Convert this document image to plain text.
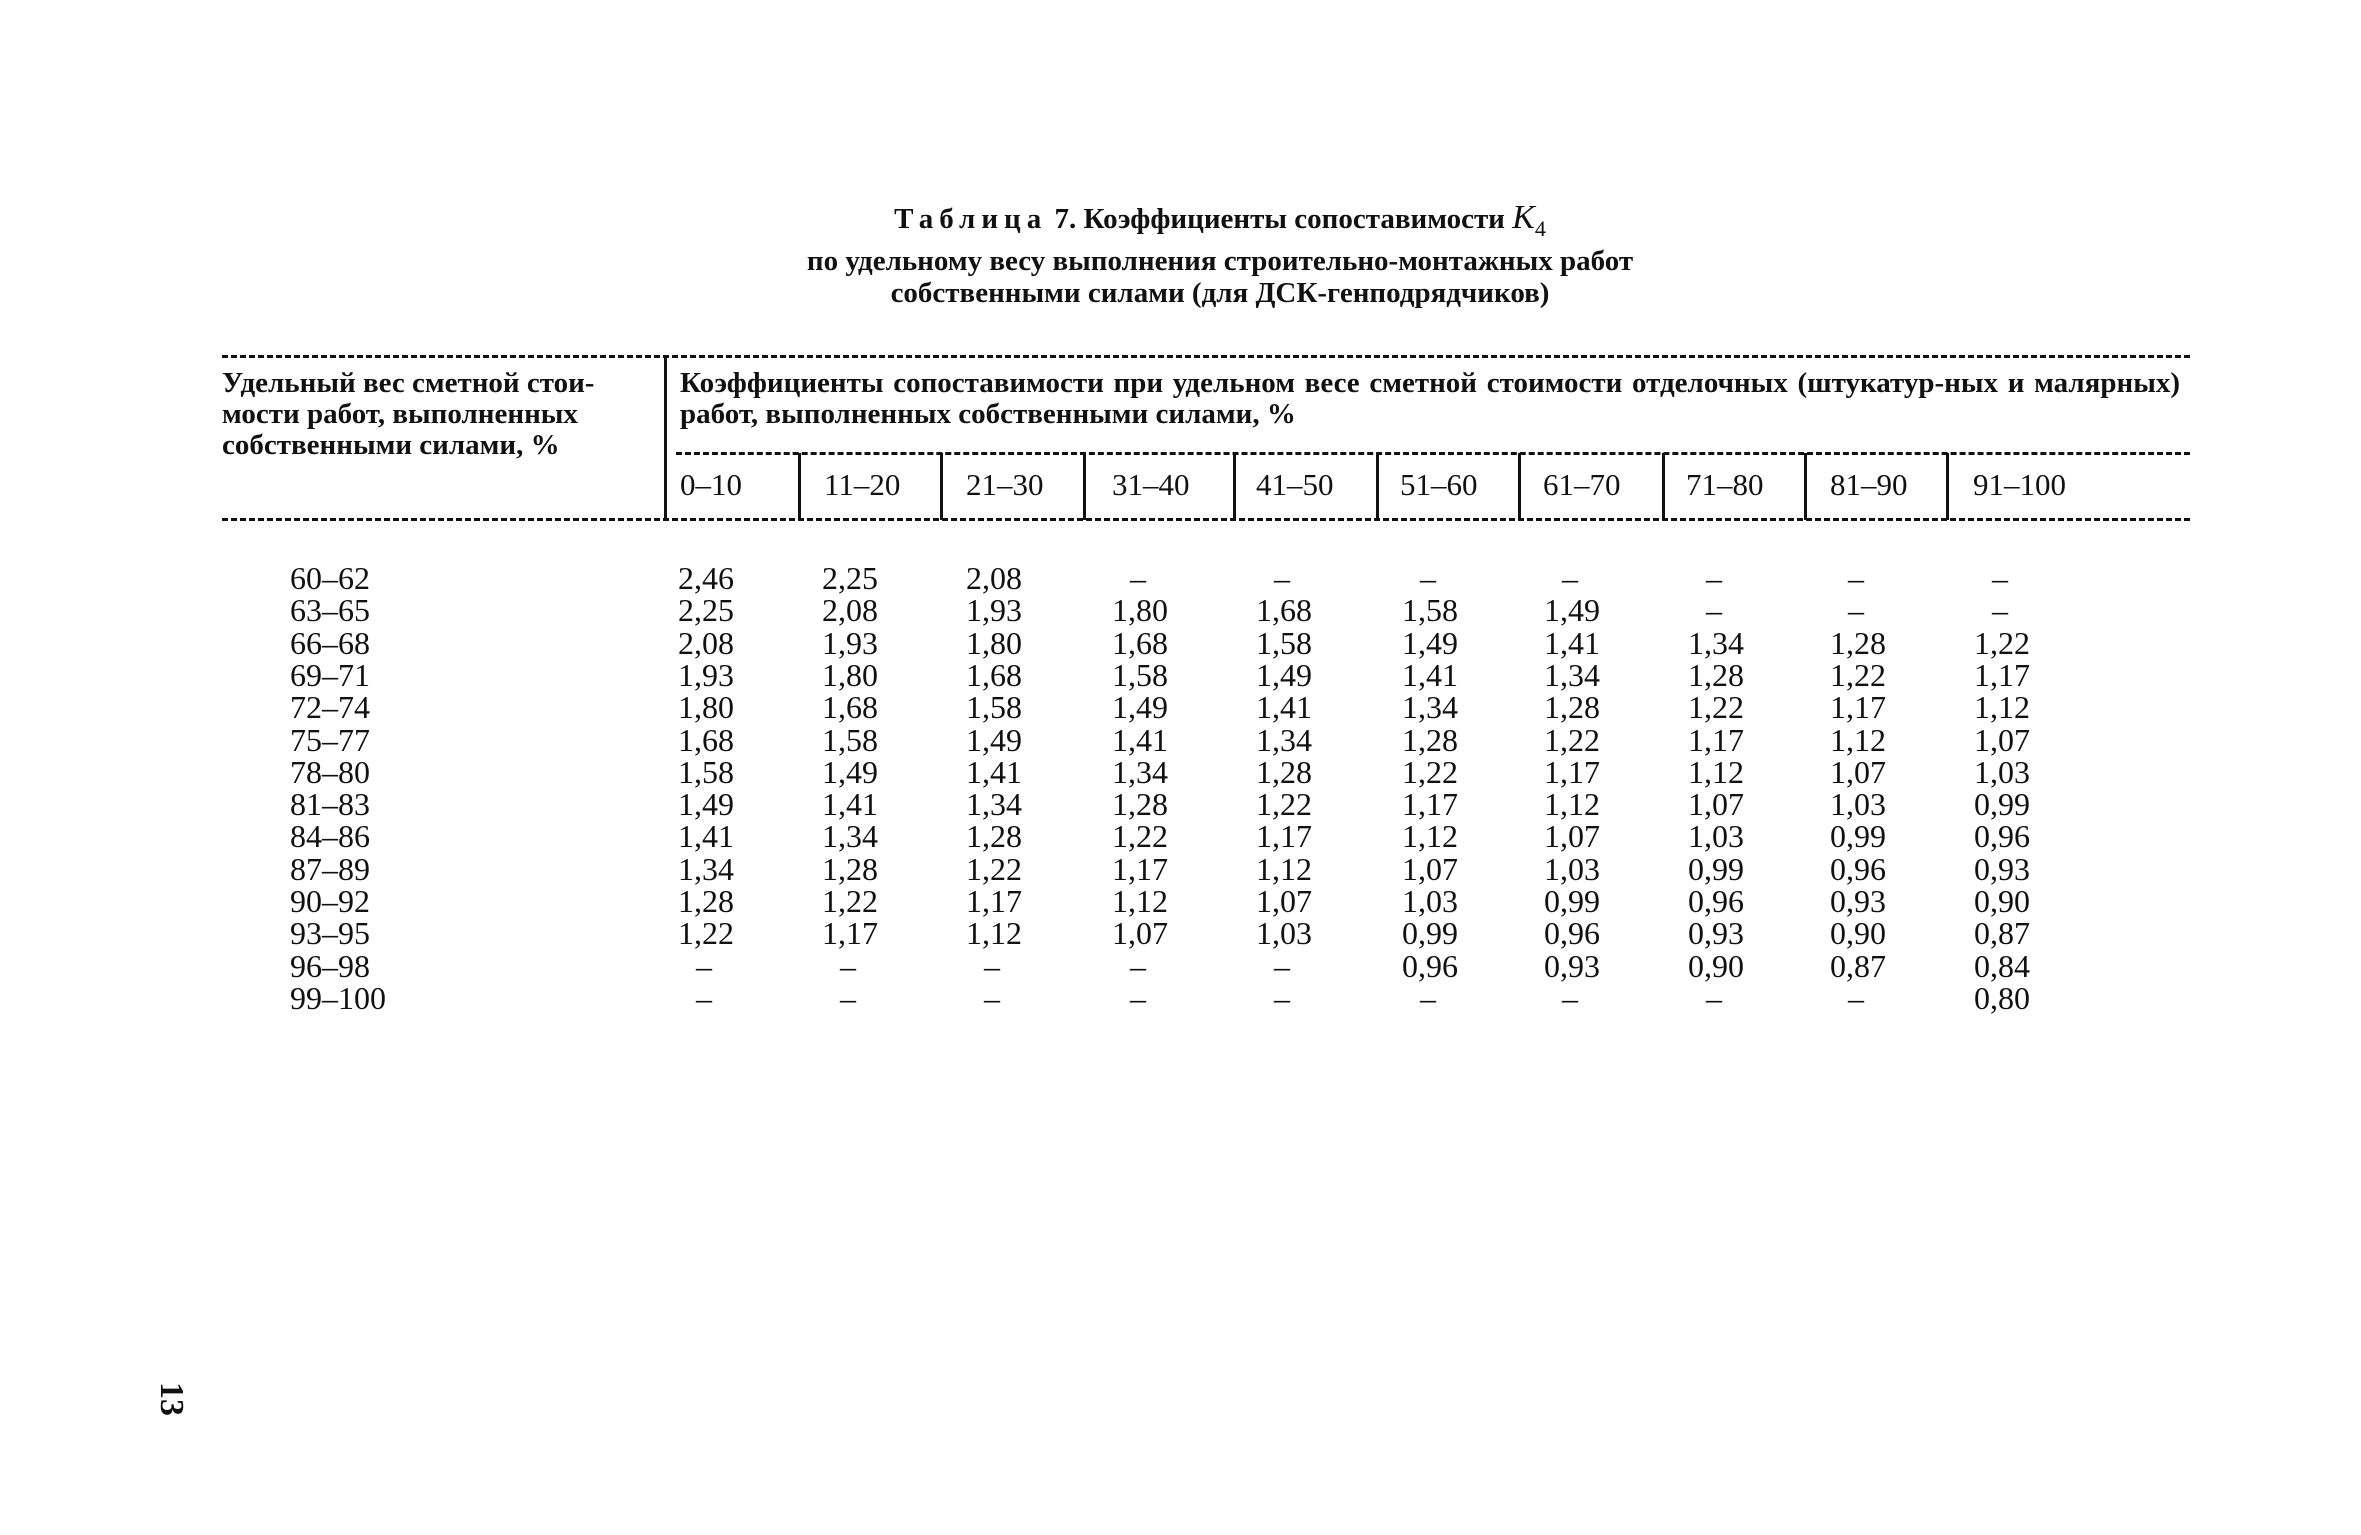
Таблица 7. Коэффициенты сопоставимости $K_4$
по удельному весу выполнения строительно-монтажных работ
собственными силами (для ДСК-генподрядчиков)
Удельный вес сметной стои-мости работ, выполненных собственными силами, %
Коэффициенты сопоставимости при удельном весе сметной стоимости отделочных (штукатур-ных и малярных) работ, выполненных собственными силами, %
0–10	11–20 21–30 31–40 41–50 51–60 61–70 71–80 81–90 91–100
60–62	2,46	2,25	2,08	–	–	–	–	–	–	–
63–65	2,25	2,08	1,93	1,80	1,68	1,58	1,49	–	–	–
66–68	2,08	1,93	1,80	1,68	1,58	1,49	1,41	1,34	1,28	1,22
69–71	1,93	1,80	1,68	1,58	1,49	1,41	1,34	1,28	1,22	1,17
72–74	1,80	1,68	1,58	1,49	1,41	1,34	1,28	1,22	1,17	1,12
75–77	1,68	1,58	1,49	1,41	1,34	1,28	1,22	1,17	1,12	1,07
78–80	1,58	1,49	1,41	1,34	1,28	1,22	1,17	1,12	1,07	1,03
81–83	1,49	1,41	1,34	1,28	1,22	1,17	1,12	1,07	1,03	0,99
84–86	1,41	1,34	1,28	1,22	1,17	1,12	1,07	1,03	0,99	0,96
87–89	1,34	1,28	1,22	1,17	1,12	1,07	1,03	0,99	0,96	0,93
90–92	1,28	1,22	1,17	1,12	1,07	1,03	0,99	0,96	0,93	0,90
93–95	1,22	1,17	1,12	1,07	1,03	0,99	0,96	0,93	0,90	0,87
96–98	–	–	–	–	–	0,96	0,93	0,90	0,87	0,84
99–100	–	–	–	–	–	–	–	–	–	0,80
13
